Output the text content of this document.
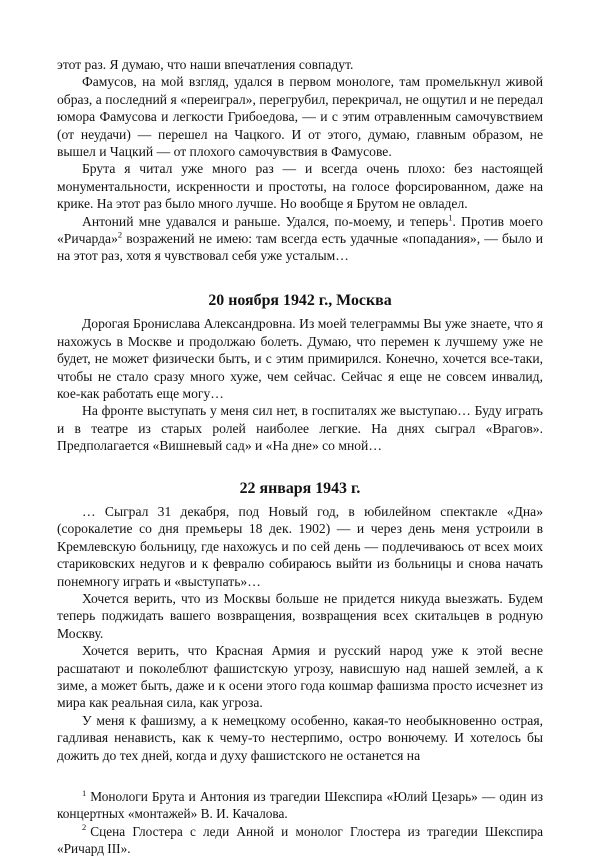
этот раз. Я думаю, что наши впечатления совпадут.

Фамусов, на мой взгляд, удался в первом монологе, там промелькнул живой образ, а последний я «переиграл», перегрубил, перекричал, не ощутил и не передал юмора Фамусова и легкости Грибоедова, — и с этим отравленным самочувствием (от неудачи) — перешел на Чацкого. И от этого, думаю, главным образом, не вышел и Чацкий — от плохого самочувствия в Фамусове.

Брута я читал уже много раз — и всегда очень плохо: без настоящей монументальности, искренности и простоты, на голосе форсированном, даже на крике. На этот раз было много лучше. Но вообще я Брутом не овладел.

Антоний мне удавался и раньше. Удался, по-моему, и теперь$^1$. Против моего «Ричарда»$^2$ возражений не имею: там всегда есть удачные «попадания», — было и на этот раз, хотя я чувствовал себя уже усталым…

20 ноября 1942 г., Москва

Дорогая Бронислава Александровна. Из моей телеграммы Вы уже знаете, что я нахожусь в Москве и продолжаю болеть. Думаю, что перемен к лучшему уже не будет, не может физически быть, и с этим примирился. Конечно, хочется все-таки, чтобы не стало сразу много хуже, чем сейчас. Сейчас я еще не совсем инвалид, кое-как работать еще могу…

На фронте выступать у меня сил нет, в госпиталях же выступаю… Буду играть и в театре из старых ролей наиболее легкие. На днях сыграл «Врагов». Предполагается «Вишневый сад» и «На дне» со мной…

22 января 1943 г.

… Сыграл 31 декабря, под Новый год, в юбилейном спектакле «Дна» (сорокалетие со дня премьеры 18 дек. 1902) — и через день меня устроили в Кремлевскую больницу, где нахожусь и по сей день — подлечиваюсь от всех моих стариковских недугов и к февралю собираюсь выйти из больницы и снова начать понемногу играть и «выступать»…

Хочется верить, что из Москвы больше не придется никуда выезжать. Будем теперь поджидать вашего возвращения, возвращения всех скитальцев в родную Москву.

Хочется верить, что Красная Армия и русский народ уже к этой весне расшатают и поколеблют фашистскую угрозу, нависшую над нашей землей, а к зиме, а может быть, даже и к осени этого года кошмар фашизма просто исчезнет из мира как реальная сила, как угроза.

У меня к фашизму, а к немецкому особенно, какая-то необыкновенно острая, гадливая ненависть, как к чему-то нестерпимо, остро вонючему. И хотелось бы дожить до тех дней, когда и духу фашистского не останется на

$^1$ Монологи Брута и Антония из трагедии Шекспира «Юлий Цезарь» — один из концертных «монтажей» В. И. Качалова.

$^2$ Сцена Глостера с леди Анной и монолог Глостера из трагедии Шекспира «Ричард III».
